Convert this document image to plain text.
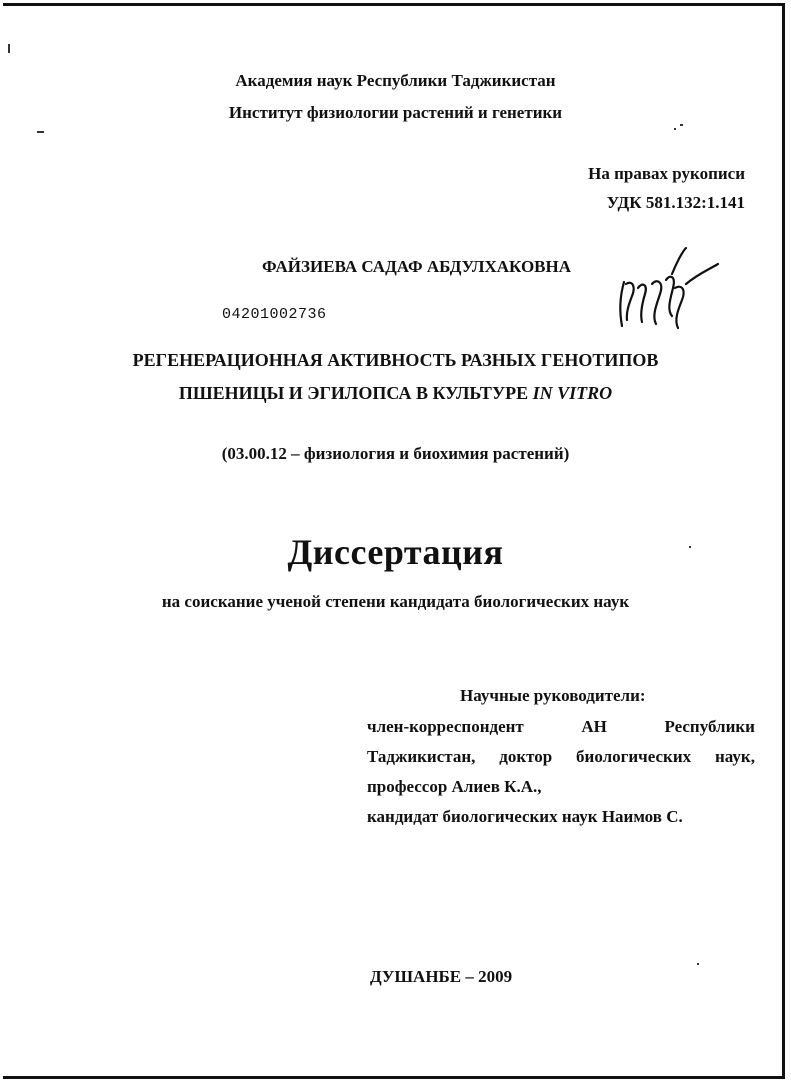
Академия наук Республики Таджикистан
Институт физиологии растений и генетики
На правах рукописи
УДК 581.132:1.141
ФАЙЗИЕВА САДАФ АБДУЛХАКОВНА
04201002736
РЕГЕНЕРАЦИОННАЯ АКТИВНОСТЬ РАЗНЫХ ГЕНОТИПОВ
ПШЕНИЦЫ И ЭГИЛОПСА В КУЛЬТУРЕ IN VITRO
(03.00.12 – физиология и биохимия растений)
Диссертация
на соискание ученой степени кандидата биологических наук
Научные руководители:
член-корреспондент	АН	Республики
Таджикистан, доктор биологических наук,
профессор Алиев К.А.,
кандидат биологических наук Наимов С.
ДУШАНБЕ – 2009
